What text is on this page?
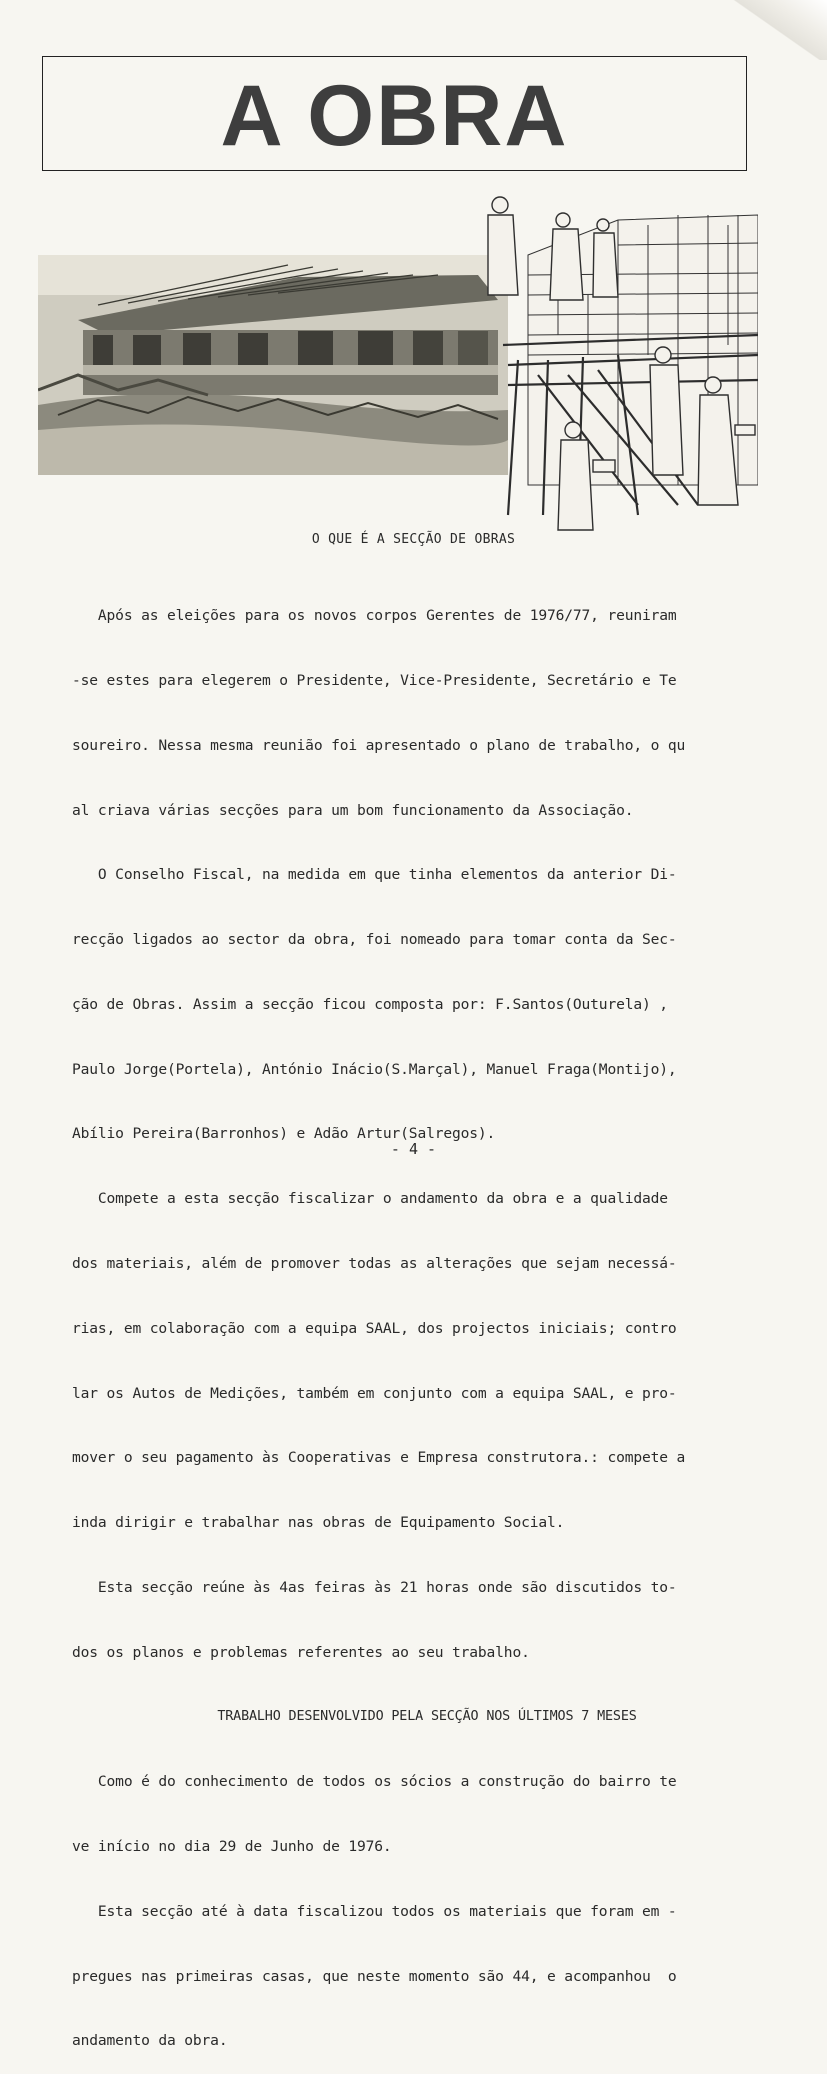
A OBRA
O QUE É A SECÇÃO DE OBRAS

Após as eleições para os novos corpos Gerentes de 1976/77, reuniram

-se estes para elegerem o Presidente, Vice-Presidente, Secretário e Te

soureiro. Nessa mesma reunião foi apresentado o plano de trabalho, o qu

al criava várias secções para um bom funcionamento da Associação.

O Conselho Fiscal, na medida em que tinha elementos da anterior Di-

recção ligados ao sector da obra, foi nomeado para tomar conta da Sec-

ção de Obras. Assim a secção ficou composta por: F.Santos(Outurela) ,

Paulo Jorge(Portela), António Inácio(S.Marçal), Manuel Fraga(Montijo),

Abílio Pereira(Barronhos) e Adão Artur(Salregos).

Compete a esta secção fiscalizar o andamento da obra e a qualidade

dos materiais, além de promover todas as alterações que sejam necessá-

rias, em colaboração com a equipa SAAL, dos projectos iniciais; contro

lar os Autos de Medições, também em conjunto com a equipa SAAL, e pro-

mover o seu pagamento às Cooperativas e Empresa construtora.: compete a

inda dirigir e trabalhar nas obras de Equipamento Social.

Esta secção reúne às 4as feiras às 21 horas onde são discutidos to-

dos os planos e problemas referentes ao seu trabalho.

TRABALHO DESENVOLVIDO PELA SECÇÃO NOS ÚLTIMOS 7 MESES

Como é do conhecimento de todos os sócios a construção do bairro te

ve início no dia 29 de Junho de 1976.

Esta secção até à data fiscalizou todos os materiais que foram em -

pregues nas primeiras casas, que neste momento são 44, e acompanhou  o

andamento da obra.

- 4 -
